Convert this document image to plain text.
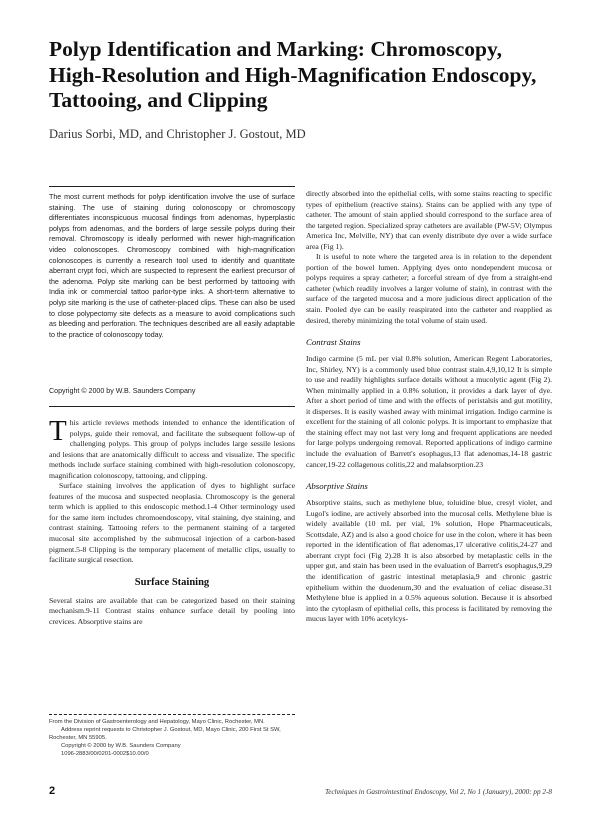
Polyp Identification and Marking: Chromoscopy, High-Resolution and High-Magnification Endoscopy, Tattooing, and Clipping
Darius Sorbi, MD, and Christopher J. Gostout, MD

The most current methods for polyp identification involve the use of surface staining. The use of staining during colonoscopy or chromoscopy differentiates inconspicuous mucosal findings from adenomas, hyperplastic polyps from adenomas, and the borders of large sessile polyps during their removal. Chromoscopy is ideally performed with newer high-magnification video colonoscopes. Chromoscopy combined with high-magnification colonoscopes is currently a research tool used to identify and quantitate aberrant crypt foci, which are suspected to represent the earliest precursor of the adenoma. Polyp site marking can be best performed by tattooing with India ink or commercial tattoo parlor-type inks. A short-term alternative to polyp site marking is the use of catheter-placed clips. These can also be used to close polypectomy site defects as a measure to avoid complications such as bleeding and perforation. The techniques described are all easily adaptable to the practice of colonoscopy today.

Copyright © 2000 by W.B. Saunders Company

This article reviews methods intended to enhance the identification of polyps, guide their removal, and facilitate the subsequent follow-up of challenging polyps. This group of polyps includes large sessile lesions and lesions that are anatomically difficult to access and visualize. The specific methods include surface staining combined with high-resolution colonoscopy, magnification colonoscopy, tattooing, and clipping.

Surface staining involves the application of dyes to highlight surface features of the mucosa and suspected neoplasia. Chromoscopy is the general term which is applied to this endoscopic method.1-4 Other terminology used for the same item includes chromoendoscopy, vital staining, dye staining, and contrast staining. Tattooing refers to the permanent staining of a targeted mucosal site accomplished by the submucosal injection of a carbon-based pigment.5-8 Clipping is the temporary placement of metallic clips, usually to facilitate surgical resection.

Surface Staining

Several stains are available that can be categorized based on their staining mechanism.9-11 Contrast stains enhance surface detail by pooling into crevices. Absorptive stains are

directly absorbed into the epithelial cells, with some stains reacting to specific types of epithelium (reactive stains). Stains can be applied with any type of catheter. The amount of stain applied should correspond to the surface area of the targeted region. Specialized spray catheters are available (PW-5V; Olympus America Inc, Melville, NY) that can evenly distribute dye over a wide surface area (Fig 1).

It is useful to note where the targeted area is in relation to the dependent portion of the bowel lumen. Applying dyes onto nondependent mucosa or polyps requires a spray catheter; a forceful stream of dye from a straight-end catheter (which readily involves a larger volume of stain), in contrast with the surface of the targeted mucosa and a more judicious direct application of the stain. Pooled dye can be easily reaspirated into the catheter and reapplied as desired, thereby minimizing the total volume of stain used.

Contrast Stains

Indigo carmine (5 mL per vial 0.8% solution, American Regent Laboratories, Inc, Shirley, NY) is a commonly used blue contrast stain.4,9,10,12 It is simple to use and readily highlights surface details without a mucolytic agent (Fig 2). When minimally applied in a 0.8% solution, it provides a dark layer of dye. After a short period of time and with the effects of peristalsis and gut motility, it disperses. It is easily washed away with minimal irrigation. Indigo carmine is excellent for the staining of all colonic polyps. It is important to emphasize that the staining effect may not last very long and frequent applications are needed for large polyps undergoing removal. Reported applications of indigo carmine include the evaluation of Barrett's esophagus,13 flat adenomas,14-18 gastric cancer,19-22 collagenous colitis,22 and malabsorption.23

Absorptive Stains

Absorptive stains, such as methylene blue, toluidine blue, cresyl violet, and Lugol's iodine, are actively absorbed into the mucosal cells. Methylene blue is widely available (10 mL per vial, 1% solution, Hope Pharmaceuticals, Scottsdale, AZ) and is also a good choice for use in the colon, where it has been reported in the identification of flat adenomas,17 ulcerative colitis,24-27 and aberrant crypt foci (Fig 2).28 It is also absorbed by metaplastic cells in the upper gut, and stain has been used in the evaluation of Barrett's esophagus,9,29 the identification of gastric intestinal metaplasia,9 and chronic gastric epithelium within the duodenum,30 and the evaluation of celiac disease.31 Methylene blue is applied in a 0.5% aqueous solution. Because it is absorbed into the cytoplasm of epithelial cells, this process is facilitated by removing the mucus layer with 10% acetylcys-

From the Division of Gastroenterology and Hepatology, Mayo Clinic, Rochester, MN.

Address reprint requests to Christopher J. Gostout, MD, Mayo Clinic, 200 First St SW, Rochester, MN 55905.

Copyright © 2000 by W.B. Saunders Company

1096-2883/00/0201-0002$10.00/0

2	Techniques in Gastrointestinal Endoscopy, Vol 2, No 1 (January), 2000: pp 2-8
